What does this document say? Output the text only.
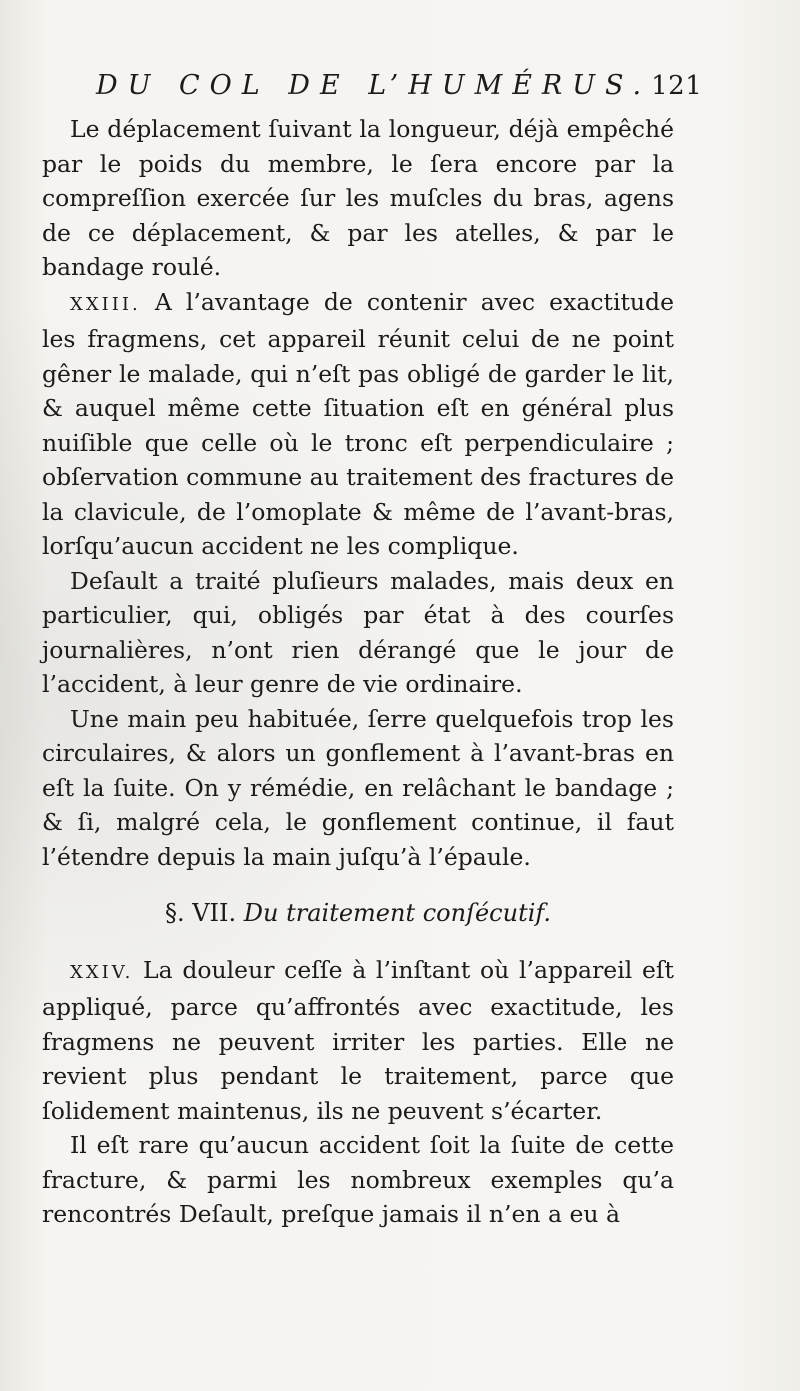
DU COL DE L’HUMÉRUS. 121

Le déplacement ſuivant la longueur, déjà empêché par le poids du membre, le ſera encore par la compreſſion exercée ſur les muſcles du bras, agens de ce déplacement, & par les atelles, & par le bandage roulé.

XXIII. A l’avantage de contenir avec exactitude les fragmens, cet appareil réunit celui de ne point gêner le malade, qui n’eſt pas obligé de garder le lit, & auquel même cette ſituation eſt en général plus nuiſible que celle où le tronc eſt perpendiculaire ; obſervation commune au traitement des fractures de la clavicule, de l’omoplate & même de l’avant-bras, lorſqu’aucun accident ne les complique.

Deſault a traité pluſieurs malades, mais deux en particulier, qui, obligés par état à des courſes journalières, n’ont rien dérangé que le jour de l’accident, à leur genre de vie ordinaire.

Une main peu habituée, ſerre quelquefois trop les circulaires, & alors un gonflement à l’avant-bras en eſt la ſuite. On y rémédie, en relâchant le bandage ; & ſi, malgré cela, le gonflement continue, il faut l’étendre depuis la main juſqu’à l’épaule.

§. VII. Du traitement conſécutif.

XXIV. La douleur ceſſe à l’inſtant où l’appareil eſt appliqué, parce qu’affrontés avec exactitude, les fragmens ne peuvent irriter les parties. Elle ne revient plus pendant le traitement, parce que ſolidement maintenus, ils ne peuvent s’écarter.

Il eſt rare qu’aucun accident ſoit la ſuite de cette fracture, & parmi les nombreux exemples qu’a rencontrés Deſault, preſque jamais il n’en a eu à
